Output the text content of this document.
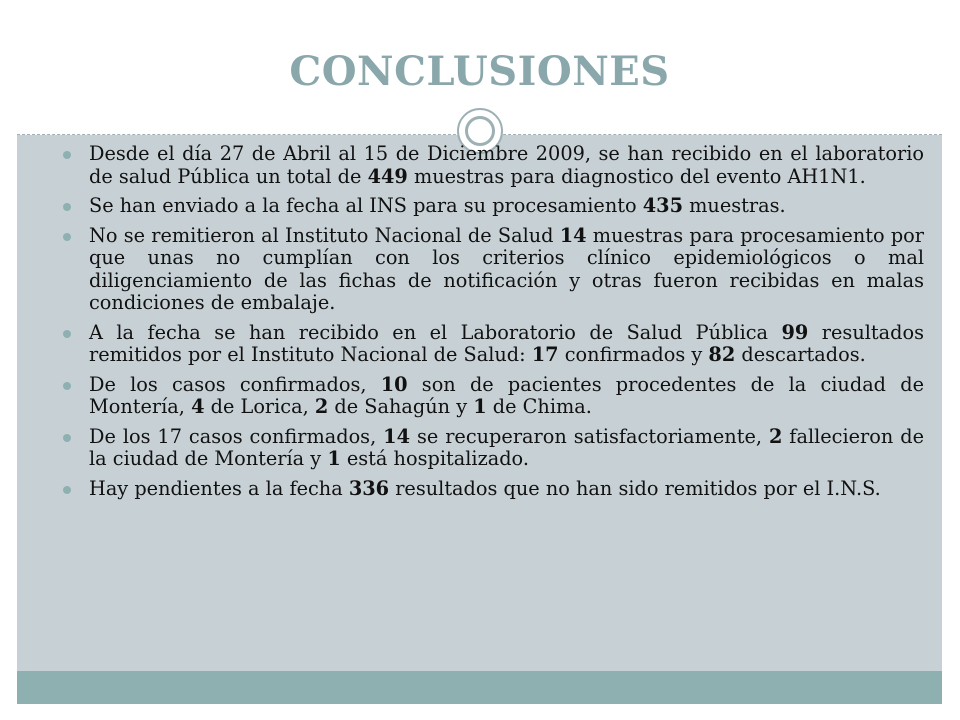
CONCLUSIONES
Desde el día 27 de Abril al 15 de Diciembre 2009, se han recibido en el laboratorio de salud Pública un total de 449 muestras para diagnostico del evento AH1N1.
Se han enviado a la fecha al INS para su procesamiento 435 muestras.
No se remitieron al Instituto Nacional de Salud 14 muestras para procesamiento por que unas no cumplían con los criterios clínico epidemiológicos o mal diligenciamiento de las fichas de notificación y otras fueron recibidas en malas condiciones de embalaje.
A la fecha se han recibido en el Laboratorio de Salud Pública 99 resultados remitidos por el Instituto Nacional de Salud: 17 confirmados y 82 descartados.
De los casos confirmados, 10 son de pacientes procedentes de la ciudad de Montería, 4 de Lorica, 2 de Sahagún y 1 de Chima.
De los 17 casos confirmados, 14 se recuperaron satisfactoriamente, 2 fallecieron de la ciudad de Montería y 1 está hospitalizado.
Hay pendientes a la fecha 336 resultados que no han sido remitidos por el I.N.S.
